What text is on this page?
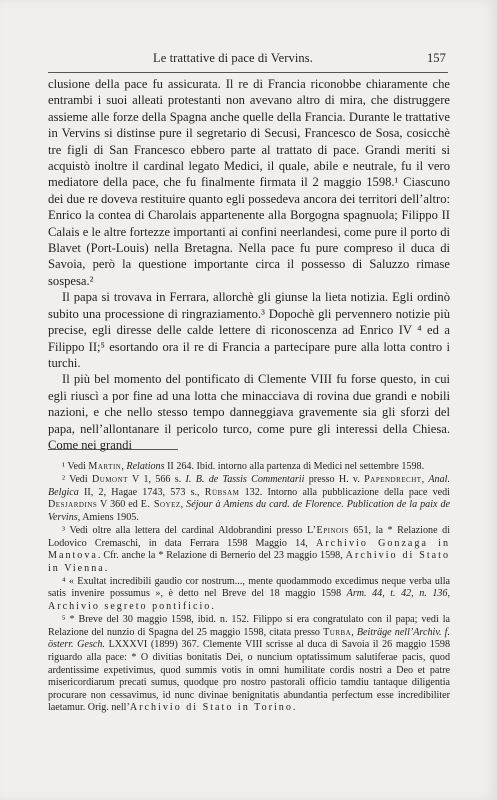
Le trattative di pace di Vervins.	157

clusione della pace fu assicurata. Il re di Francia riconobbe chiaramente che entrambi i suoi alleati protestanti non avevano altro di mira, che distruggere assieme alle forze della Spagna anche quelle della Francia. Durante le trattative in Vervins si distinse pure il segretario di Secusi, Francesco de Sosa, cosicchè tre figli di San Francesco ebbero parte al trattato di pace. Grandi meriti si acquistò inoltre il cardinal legato Medici, il quale, abile e neutrale, fu il vero mediatore della pace, che fu finalmente firmata il 2 maggio 1598.¹ Ciascuno dei due re doveva restituire quanto egli possedeva ancora dei territori dell’altro: Enrico la contea di Charolais appartenente alla Borgogna spagnuola; Filippo II Calais e le altre fortezze importanti ai confini neerlandesi, come pure il porto di Blavet (Port-Louis) nella Bretagna. Nella pace fu pure compreso il duca di Savoia, però la questione importante circa il possesso di Saluzzo rimase sospesa.²

Il papa si trovava in Ferrara, allorchè gli giunse la lieta notizia. Egli ordinò subito una processione di ringraziamento.³ Dopochè gli pervennero notizie più precise, egli diresse delle calde lettere di riconoscenza ad Enrico IV ⁴ ed a Filippo II;⁵ esortando ora il re di Francia a partecipare pure alla lotta contro i turchi.

Il più bel momento del pontificato di Clemente VIII fu forse questo, in cui egli riuscì a por fine ad una lotta che minacciava di rovina due grandi e nobili nazioni, e che nello stesso tempo danneggiava gravemente sia gli sforzi del papa, nell’allontanare il pericolo turco, come pure gli interessi della Chiesa. Come nei grandi

¹ Vedi Martin, Relations II 264. Ibid. intorno alla partenza di Medici nel settembre 1598.

² Vedi Dumont V 1, 566 s. I. B. de Tassis Commentarii presso H. v. Papendrecht, Anal. Belgica II, 2, Hagae 1743, 573 s., Rübsam 132. Intorno alla pubblicazione della pace vedi Desjardins V 360 ed E. Soyez, Séjour à Amiens du card. de Florence. Publication de la paix de Vervins, Amiens 1905.

³ Vedi oltre alla lettera del cardinal Aldobrandini presso L’Epinois 651, la * Relazione di Lodovico Cremaschi, in data Ferrara 1598 Maggio 14, Archivio Gonzaga in Mantova. Cfr. anche la * Relazione di Bernerio del 23 maggio 1598, Archivio di Stato in Vienna.

⁴ « Exultat incredibili gaudio cor nostrum..., mente quodammodo excedimus neque verba ulla satis invenire possumus », è detto nel Breve del 18 maggio 1598 Arm. 44, t. 42, n. 136, Archivio segreto pontificio.

⁵ * Breve del 30 maggio 1598, ibid. n. 152. Filippo si era congratulato con il papa; vedi la Relazione del nunzio di Spagna del 25 maggio 1598, citata presso Turba, Beiträge nell’Archiv. f. österr. Gesch. LXXXVI (1899) 367. Clemente VIII scrisse al duca di Savoia il 26 maggio 1598 riguardo alla pace: * O divitias bonitatis Dei, o nuncium optatissimum salutiferae pacis, quod ardentissime expetivimus, quod summis votis in omni humilitate cordis nostri a Deo et patre misericordiarum precati sumus, quodque pro nostro pastorali officio tamdiu tantaque diligentia procurare non cessavimus, id nunc divinae benignitatis abundantia perfectum esse incredibiliter laetamur. Orig. nell’Archivio di Stato in Torino.
